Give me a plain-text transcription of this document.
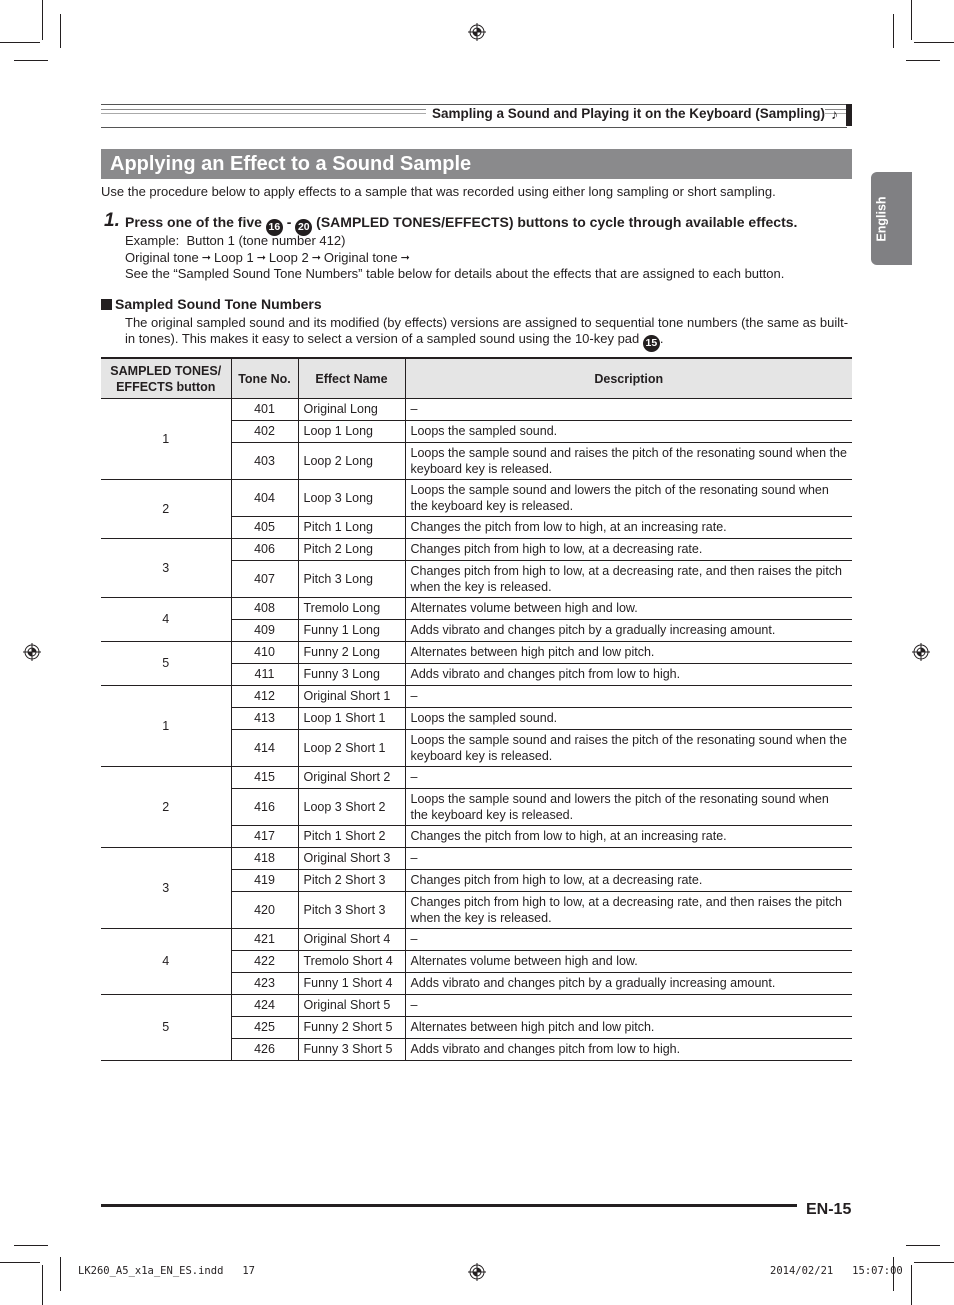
Sampling a Sound and Playing it on the Keyboard (Sampling) ♪
Applying an Effect to a Sound Sample
English
Use the procedure below to apply effects to a sample that was recorded using either long sampling or short sampling.
1. Press one of the five 16 - 20 (SAMPLED TONES/EFFECTS) buttons to cycle through available effects.
Example: Button 1 (tone number 412)
Original tone ➞ Loop 1 ➞ Loop 2 ➞ Original tone ➞
See the “Sampled Sound Tone Numbers” table below for details about the effects that are assigned to each button.
Sampled Sound Tone Numbers
The original sampled sound and its modified (by effects) versions are assigned to sequential tone numbers (the same as built-in tones). This makes it easy to select a version of a sampled sound using the 10-key pad 15 .
SAMPLED TONES/ EFFECTS button	Tone No.	Effect Name	Description
1	401	Original Long	–
	402	Loop 1 Long	Loops the sampled sound.
	403	Loop 2 Long	Loops the sample sound and raises the pitch of the resonating sound when the keyboard key is released.
2	404	Loop 3 Long	Loops the sample sound and lowers the pitch of the resonating sound when the keyboard key is released.
	405	Pitch 1 Long	Changes the pitch from low to high, at an increasing rate.
3	406	Pitch 2 Long	Changes pitch from high to low, at a decreasing rate.
	407	Pitch 3 Long	Changes pitch from high to low, at a decreasing rate, and then raises the pitch when the key is released.
4	408	Tremolo Long	Alternates volume between high and low.
	409	Funny 1 Long	Adds vibrato and changes pitch by a gradually increasing amount.
5	410	Funny 2 Long	Alternates between high pitch and low pitch.
	411	Funny 3 Long	Adds vibrato and changes pitch from low to high.
1	412	Original Short 1	–
	413	Loop 1 Short 1	Loops the sampled sound.
	414	Loop 2 Short 1	Loops the sample sound and raises the pitch of the resonating sound when the keyboard key is released.
2	415	Original Short 2	–
	416	Loop 3 Short 2	Loops the sample sound and lowers the pitch of the resonating sound when the keyboard key is released.
	417	Pitch 1 Short 2	Changes the pitch from low to high, at an increasing rate.
3	418	Original Short 3	–
	419	Pitch 2 Short 3	Changes pitch from high to low, at a decreasing rate.
	420	Pitch 3 Short 3	Changes pitch from high to low, at a decreasing rate, and then raises the pitch when the key is released.
4	421	Original Short 4	–
	422	Tremolo Short 4	Alternates volume between high and low.
	423	Funny 1 Short 4	Adds vibrato and changes pitch by a gradually increasing amount.
5	424	Original Short 5	–
	425	Funny 2 Short 5	Alternates between high pitch and low pitch.
	426	Funny 3 Short 5	Adds vibrato and changes pitch from low to high.
EN-15
LK260_A5_x1a_EN_ES.indd   17	2014/02/21   15:07:00
